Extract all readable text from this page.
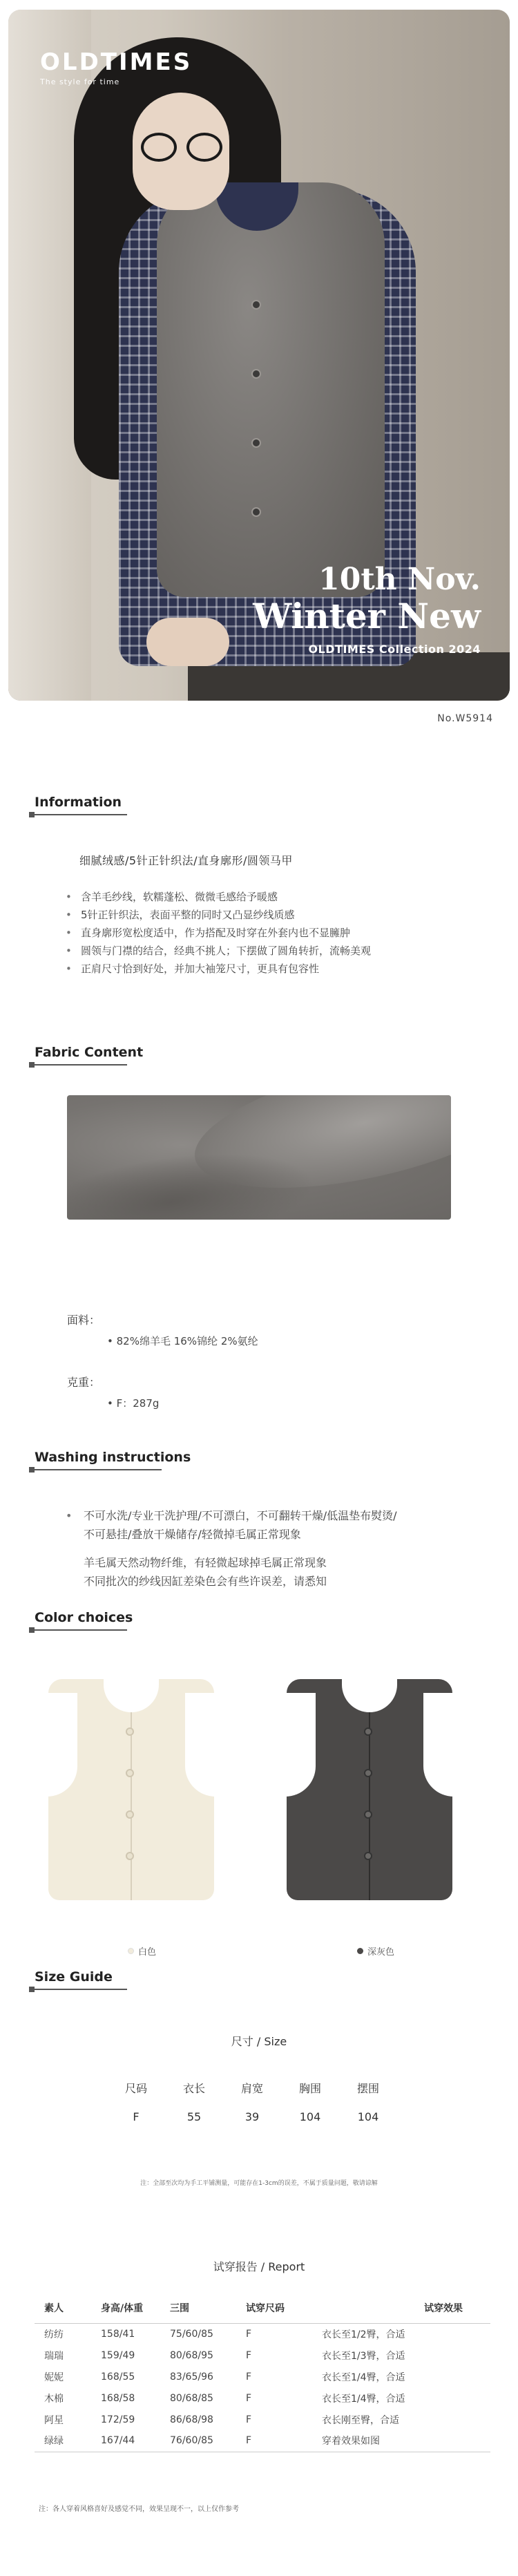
OLDTIMES
The style for time
10th Nov.
Winter New
OLDTIMES Collection 2024
No.W5914
Information
细腻绒感/5针正针织法/直身廓形/圆领马甲
• 含羊毛纱线，软糯蓬松、微微毛感给予暖感
• 5针正针织法，表面平整的同时又凸显纱线质感
• 直身廓形宽松度适中，作为搭配及时穿在外套内也不显臃肿
• 圆领与门襟的结合，经典不挑人；下摆做了圆角转折，流畅美观
• 正肩尺寸恰到好处，并加大袖笼尺寸，更具有包容性
Fabric Content
面料：
• 82%绵羊毛 16%锦纶 2%氨纶
克重：
• F：287g
Washing instructions
• 不可水洗/专业干洗护理/不可漂白，不可翻转干燥/低温垫布熨烫/
不可悬挂/叠放干燥储存/轻微掉毛属正常现象
羊毛属天然动物纤维，有轻微起球掉毛属正常现象
不同批次的纱线因缸差染色会有些许误差，请悉知
Color choices
白色	深灰色
Size Guide
尺寸 / Size
尺码	衣长	肩宽	胸围	摆围
F	55	39	104	104
注：全部至次均为手工平铺测量，可能存在1-3cm的误差，不属于质量问题，敬请谅解
试穿报告 / Report
素人	身高/体重	三围	试穿尺码	试穿效果
纺纺	158/41	75/60/85	F	衣长至1/2臀，合适
瑞瑞	159/49	80/68/95	F	衣长至1/3臀，合适
妮妮	168/55	83/65/96	F	衣长至1/4臀，合适
木棉	168/58	80/68/85	F	衣长至1/4臀，合适
阿星	172/59	86/68/98	F	衣长刚至臀，合适
绿绿	167/44	76/60/85	F	穿着效果如图
注：各人穿着风格喜好及感觉不同，效果呈现不一，以上仅作参考
